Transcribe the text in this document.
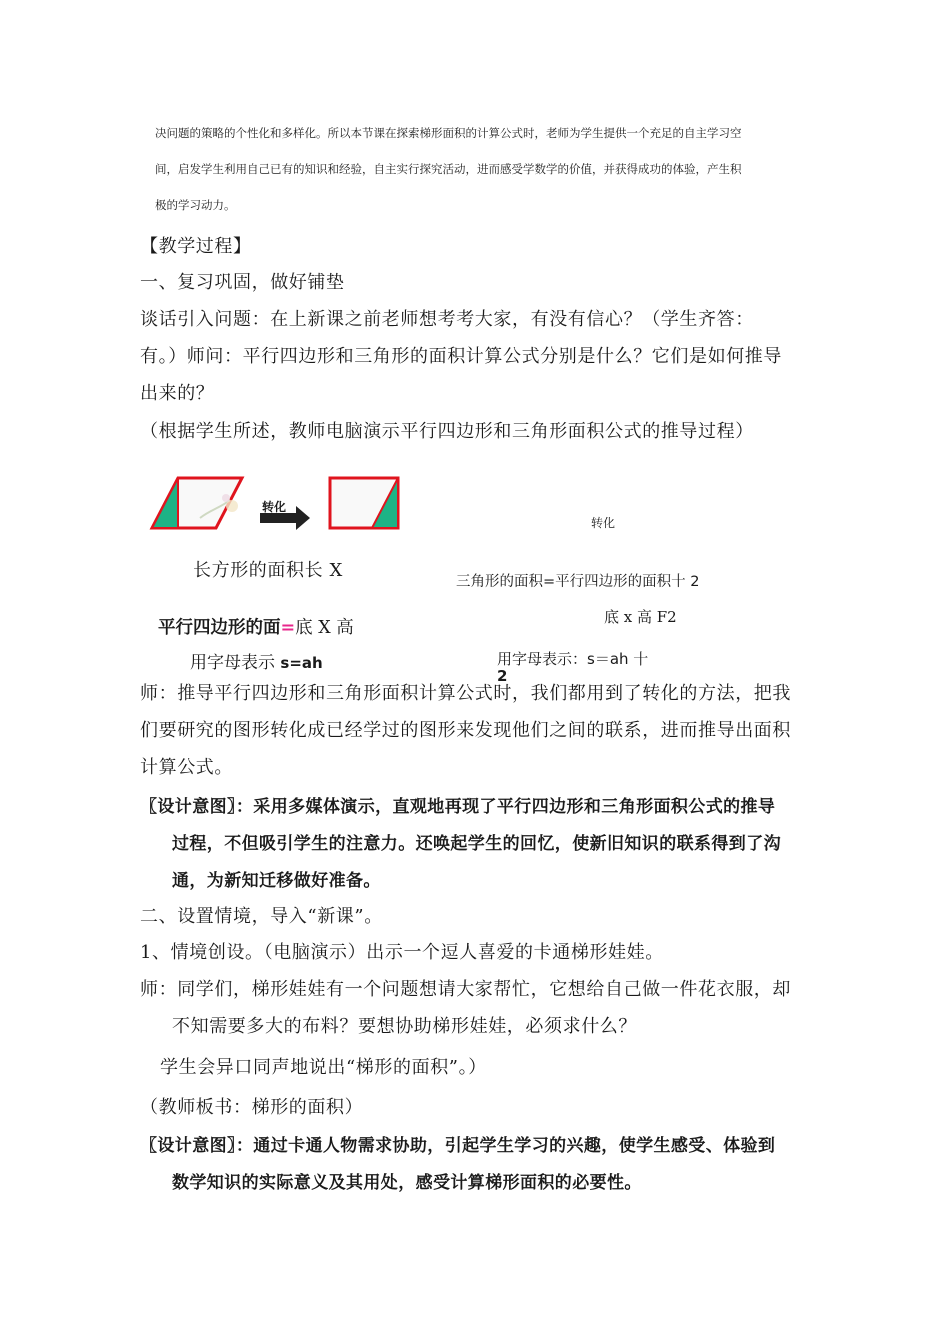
决问题的策略的个性化和多样化。所以本节课在探索梯形面积的计算公式时，老师为学生提供一个充足的自主学习空
间，启发学生利用自己已有的知识和经验，自主实行探究活动，进而感受学数学的价值，并获得成功的体验，产生积
极的学习动力。
【教学过程】
一、复习巩固，做好铺垫
谈话引入问题：在上新课之前老师想考考大家，有没有信心？（学生齐答：
有。）师问：平行四边形和三角形的面积计算公式分别是什么？它们是如何推导
出来的？
（根据学生所述，教师电脑演示平行四边形和三角形面积公式的推导过程）
转化
转化
长方形的面积长 X
三角形的面积=平行四边形的面积十 2
平行四边形的面=底 X 高
底 x 高 F2
用字母表示 s=ah	用字母表示：s＝ah 十
2
师：推导平行四边形和三角形面积计算公式时，我们都用到了转化的方法，把我
们要研究的图形转化成已经学过的图形来发现他们之间的联系，进而推导出面积
计算公式。
〖设计意图〗：采用多媒体演示，直观地再现了平行四边形和三角形面积公式的推导
过程，不但吸引学生的注意力。还唤起学生的回忆，使新旧知识的联系得到了沟
通，为新知迁移做好准备。
二、设置情境，导入“新课”。
1、情境创设。（电脑演示）出示一个逗人喜爱的卡通梯形娃娃。
师：同学们，梯形娃娃有一个问题想请大家帮忙，它想给自己做一件花衣服，却
不知需要多大的布料？要想协助梯形娃娃，必须求什么？
学生会异口同声地说出“梯形的面积”。）
（教师板书：梯形的面积）
〖设计意图〗：通过卡通人物需求协助，引起学生学习的兴趣，使学生感受、体验到
数学知识的实际意义及其用处，感受计算梯形面积的必要性。
